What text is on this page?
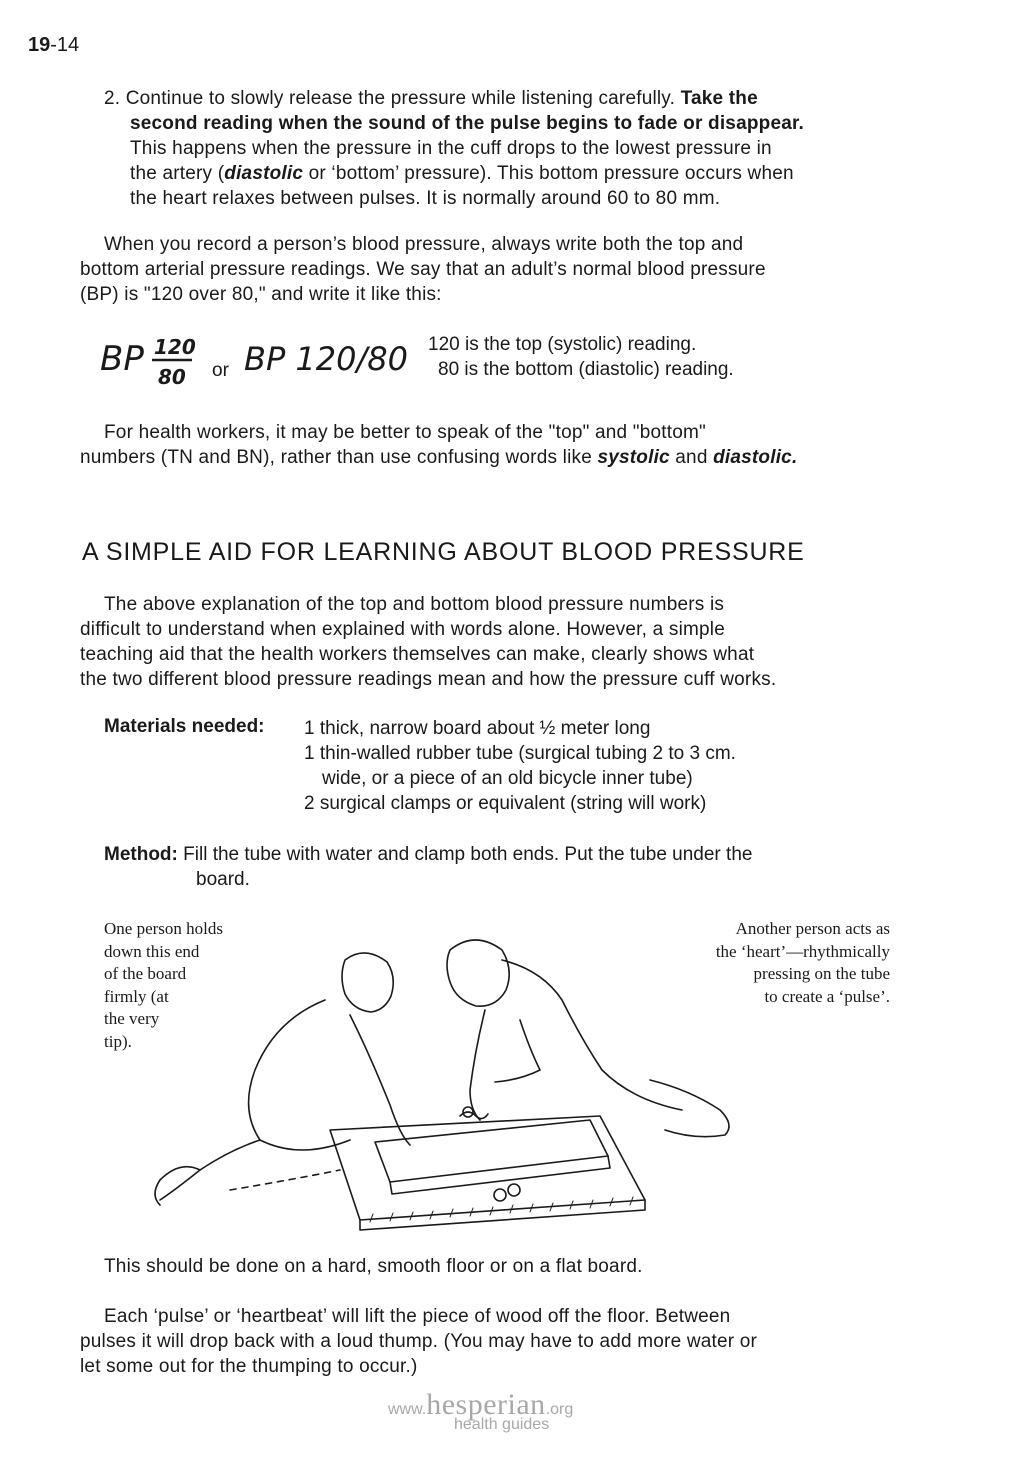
19-14
2. Continue to slowly release the pressure while listening carefully. Take the
second reading when the sound of the pulse begins to fade or disappear.
This happens when the pressure in the cuff drops to the lowest pressure in
the artery (diastolic or ‘bottom’ pressure). This bottom pressure occurs when
the heart relaxes between pulses. It is normally around 60 to 80 mm.
When you record a person’s blood pressure, always write both the top and
bottom arterial pressure readings. We say that an adult’s normal blood pressure
(BP) is "120 over 80," and write it like this:
BP 120
80 or BP 120/80 120 is the top (systolic) reading.
80 is the bottom (diastolic) reading.
For health workers, it may be better to speak of the "top" and "bottom"
numbers (TN and BN), rather than use confusing words like systolic and diastolic.
A SIMPLE AID FOR LEARNING ABOUT BLOOD PRESSURE
The above explanation of the top and bottom blood pressure numbers is
difficult to understand when explained with words alone. However, a simple
teaching aid that the health workers themselves can make, clearly shows what
the two different blood pressure readings mean and how the pressure cuff works.
Materials needed:	1 thick, narrow board about ½ meter long
1 thin-walled rubber tube (surgical tubing 2 to 3 cm.
wide, or a piece of an old bicycle inner tube)
2 surgical clamps or equivalent (string will work)
Method: Fill the tube with water and clamp both ends. Put the tube under the
board.
One person holds
down this end
of the board
firmly (at
the very
tip).
Another person acts as
the ‘heart’—rhythmically
pressing on the tube
to create a ‘pulse’.
This should be done on a hard, smooth floor or on a flat board.
Each ‘pulse’ or ‘heartbeat’ will lift the piece of wood off the floor. Between
pulses it will drop back with a loud thump. (You may have to add more water or
let some out for the thumping to occur.)
www.hesperian.org
health guides
